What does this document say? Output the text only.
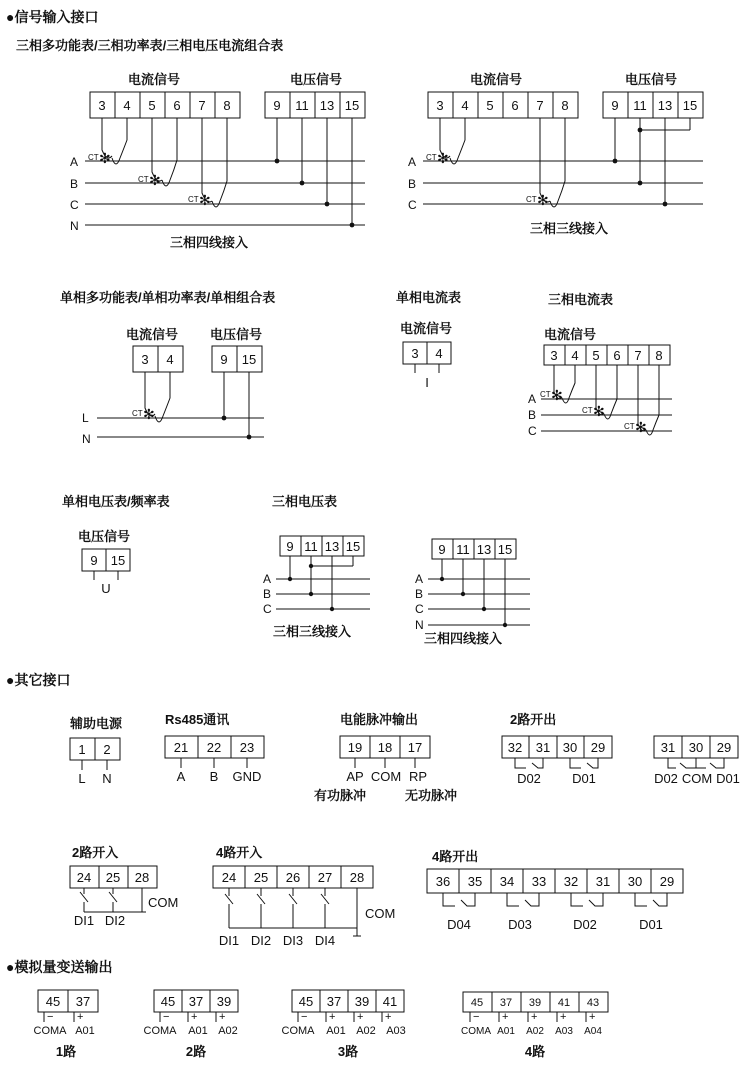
●信号输入接口
三相多功能表/三相功率表/三相电压电流组合表
电流信号	电压信号
3 4 5 6 7 8	9 11 13 15
A
B
C
N
CT ✻
CT ✻
CT ✻
三相四线接入
电流信号	电压信号
3 4 5 6 7 8	9 11 13 15
A
B
C
CT ✻
CT ✻
三相三线接入
单相多功能表/单相功率表/单相组合表
电流信号 电压信号
3 4	9 15
L
N
CT ✻
单相电流表
电流信号
3 4
I
三相电流表
电流信号
3 4 5 6 7 8
A
B
C
CT ✻
CT ✻
CT ✻
单相电压表/频率表
电压信号
9 15
U
三相电压表
9 11 13 15
A
B
C
三相三线接入
9 11 13 15
A
B
C
N
三相四线接入
●其它接口
辅助电源
1 2
L N
Rs485通讯
21 22 23
A B GND
电能脉冲输出
19 18 17
AP COM RP
有功脉冲	无功脉冲
2路开出
32 31 30 29
D02 D01
31 30 29
D02 COM D01
2路开入
24 25 28
DI1 DI2
COM
4路开入
24 25 26 27 28
DI1 DI2 DI3 DI4
COM
4路开出
36 35 34 33 32 31 30 29
D04	D03	D02	D01
●模拟量变送输出
45 37
− +
COMA A01
1路
45 37 39
− + +
COMA A01 A02
2路
45 37 39 41
− + + +
COMA A01 A02 A03
3路
45 37 39 41 43
− + + + +
COMA A01 A02 A03 A04
4路
